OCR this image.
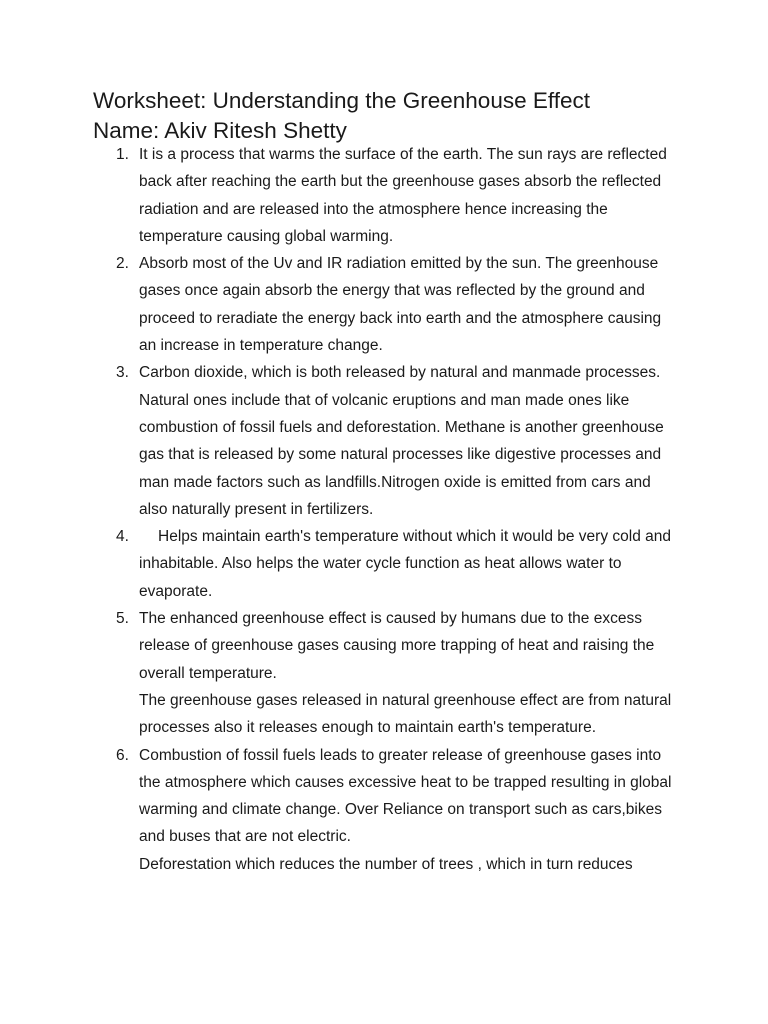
Worksheet: Understanding the Greenhouse Effect
Name: Akiv Ritesh Shetty
1. It is a process that warms the surface of the earth. The sun rays are reflected back after reaching the earth but the greenhouse gases absorb the reflected radiation and are released into the atmosphere hence increasing the temperature causing global warming.
2. Absorb most of the Uv and IR radiation emitted by the sun. The greenhouse gases once again absorb the energy that was reflected by the ground and proceed to reradiate the energy back into earth and the atmosphere causing an increase in temperature change.
3. Carbon dioxide, which is both released by natural and manmade processes. Natural ones include that of volcanic eruptions and man made ones like combustion of fossil fuels and deforestation. Methane is another greenhouse gas that is released by some natural processes like digestive processes and man made factors such as landfills.Nitrogen oxide is emitted from cars and also naturally present in fertilizers.
4.	Helps maintain earth's temperature without which it would be very cold and inhabitable. Also helps the water cycle function as heat allows water to evaporate.
5. The enhanced greenhouse effect is caused by humans due to the excess release of greenhouse gases causing more trapping of heat and raising the overall temperature.
The greenhouse gases released in natural greenhouse effect are from natural processes also it releases enough to maintain earth's temperature.
6. Combustion of fossil fuels leads to greater release of greenhouse gases into the atmosphere which causes excessive heat to be trapped resulting in global warming and climate change. Over Reliance on transport such as cars,bikes and buses that are not electric.
Deforestation which reduces the number of trees , which in turn reduces
